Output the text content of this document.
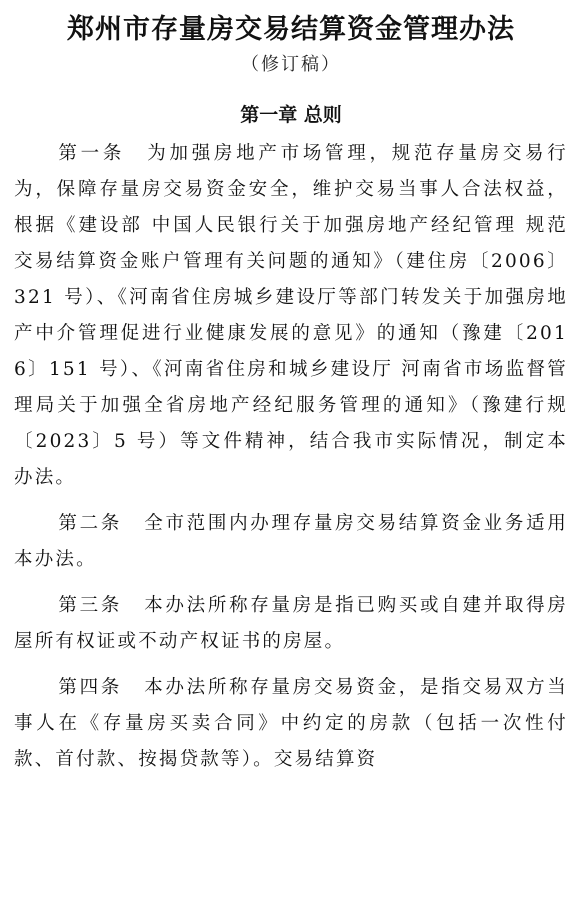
郑州市存量房交易结算资金管理办法
（修订稿）
第一章 总则

第一条 为加强房地产市场管理，规范存量房交易行为，保障存量房交易资金安全，维护交易当事人合法权益，根据《建设部 中国人民银行关于加强房地产经纪管理 规范交易结算资金账户管理有关问题的通知》（建住房〔2006〕321 号）、《河南省住房城乡建设厅等部门转发关于加强房地产中介管理促进行业健康发展的意见》的通知（豫建〔2016〕151 号）、《河南省住房和城乡建设厅 河南省市场监督管理局关于加强全省房地产经纪服务管理的通知》（豫建行规〔2023〕5 号）等文件精神，结合我市实际情况，制定本办法。

第二条 全市范围内办理存量房交易结算资金业务适用本办法。

第三条 本办法所称存量房是指已购买或自建并取得房屋所有权证或不动产权证书的房屋。

第四条 本办法所称存量房交易资金，是指交易双方当事人在《存量房买卖合同》中约定的房款（包括一次性付款、首付款、按揭贷款等）。交易结算资
